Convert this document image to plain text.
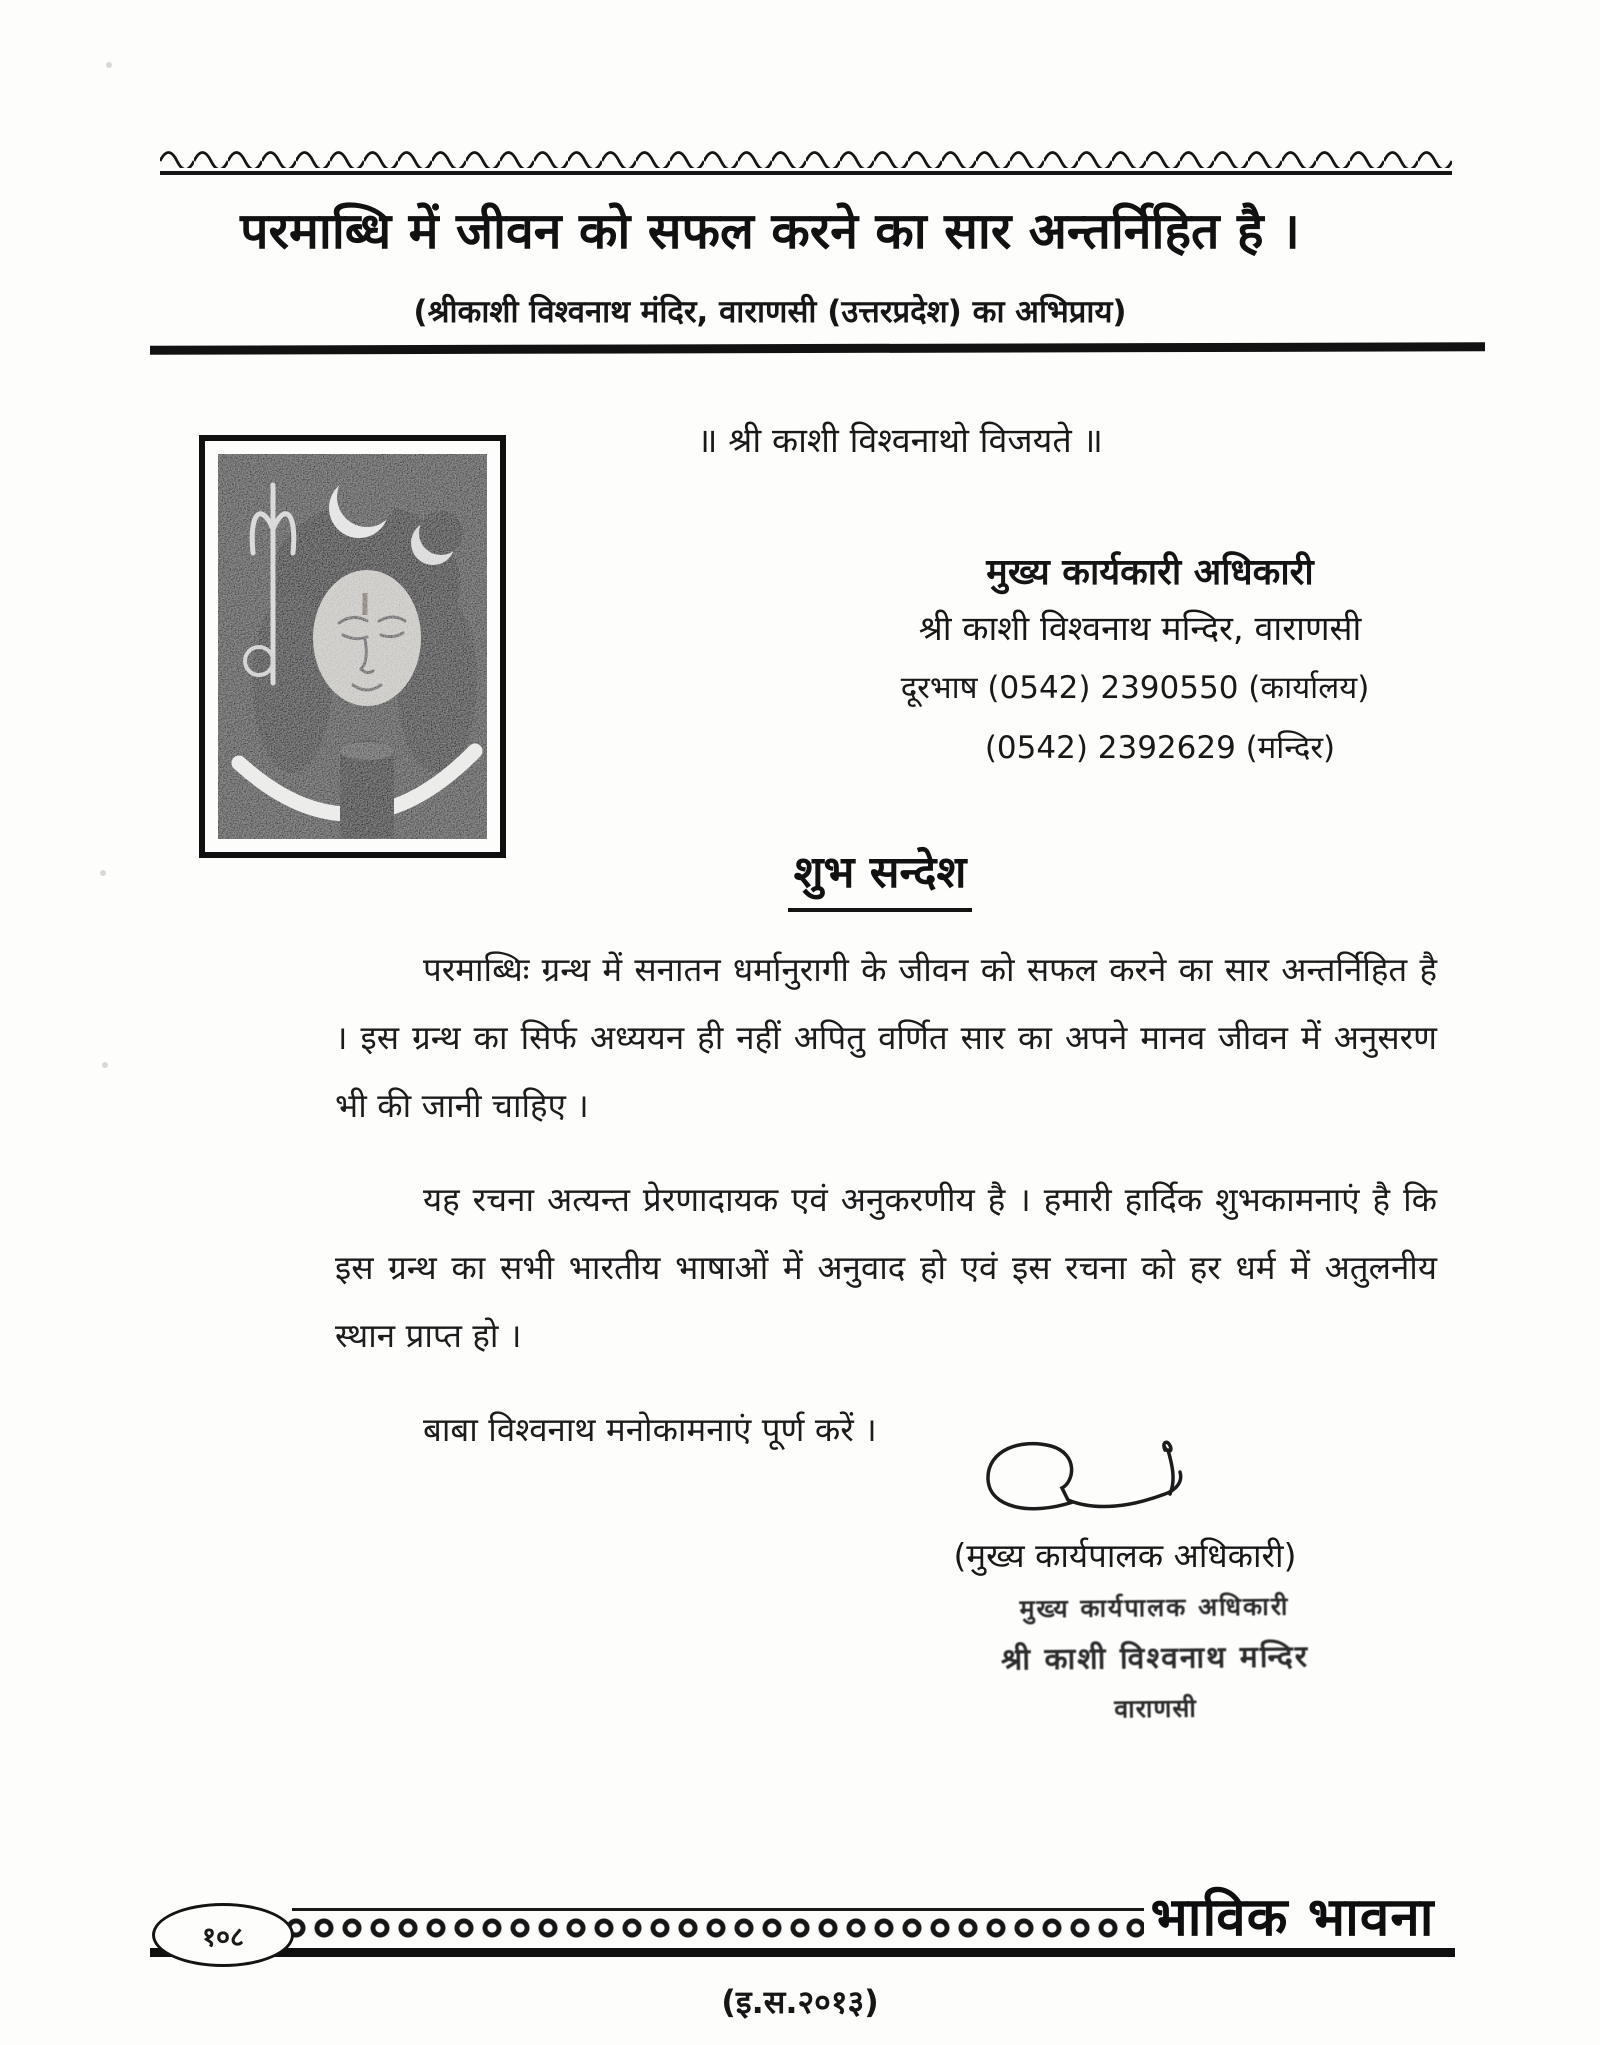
परमाब्धि में जीवन को सफल करने का सार अन्तर्निहित है ।
(श्रीकाशी विश्वनाथ मंदिर, वाराणसी (उत्तरप्रदेश) का अभिप्राय)
॥ श्री काशी विश्वनाथो विजयते ॥
मुख्य कार्यकारी अधिकारी
श्री काशी विश्वनाथ मन्दिर, वाराणसी
दूरभाष (0542) 2390550 (कार्यालय)
(0542) 2392629 (मन्दिर)
शुभ सन्देश

परमाब्धिः ग्रन्थ में सनातन धर्मानुरागी के जीवन को सफल करने का सार अन्तर्निहित है । इस ग्रन्थ का सिर्फ अध्ययन ही नहीं अपितु वर्णित सार का अपने मानव जीवन में अनुसरण भी की जानी चाहिए ।

यह रचना अत्यन्त प्रेरणादायक एवं अनुकरणीय है । हमारी हार्दिक शुभकामनाएं है कि इस ग्रन्थ का सभी भारतीय भाषाओं में अनुवाद हो एवं इस रचना को हर धर्म में अतुलनीय स्थान प्राप्त हो ।

बाबा विश्वनाथ मनोकामनाएं पूर्ण करें ।

(मुख्य कार्यपालक अधिकारी)
मुख्य कार्यपालक अधिकारी
श्री काशी विश्वनाथ मन्दिर
वाराणसी
१०८	भाविक भावना
(इ.स.२०१३)
